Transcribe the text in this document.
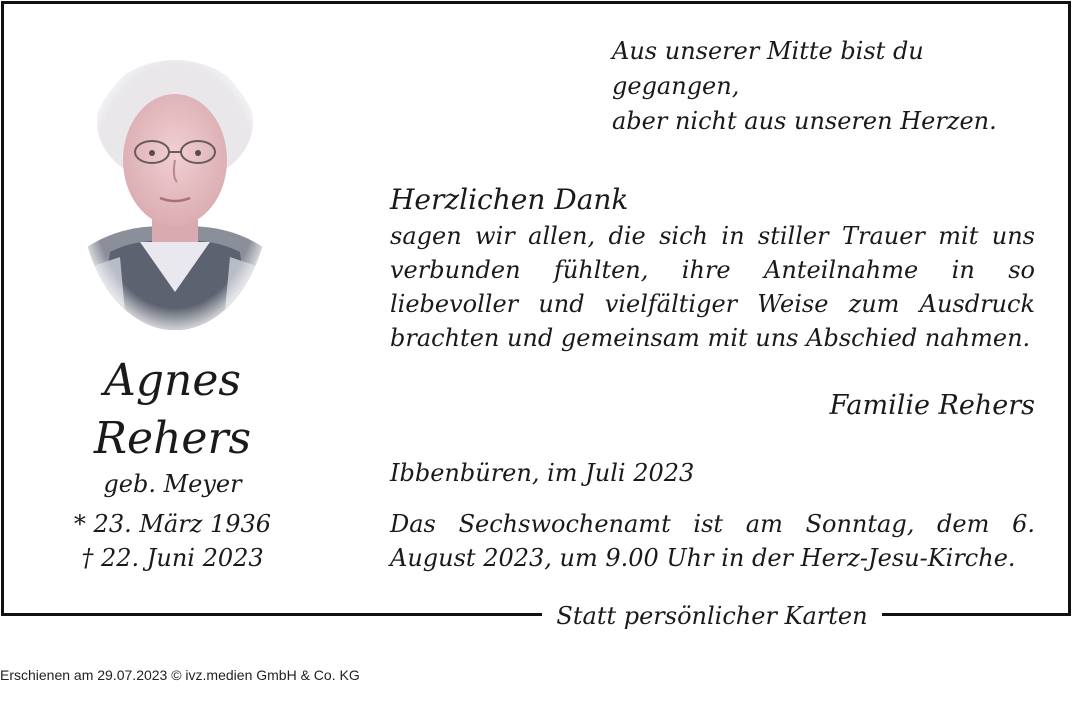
Statt persönlicher Karten
Agnes
Rehers
geb. Meyer
* 23. März 1936
† 22. Juni 2023
Aus unserer Mitte bist du gegangen,
aber nicht aus unseren Herzen.
Herzlichen Dank
sagen wir allen, die sich in stiller Trauer mit uns verbunden fühlten, ihre Anteilnahme in so liebevoller und vielfältiger Weise zum Ausdruck brachten und gemeinsam mit uns Abschied nahmen.
Familie Rehers
Ibbenbüren, im Juli 2023
Das Sechswochenamt ist am Sonntag, dem 6. August 2023, um 9.00 Uhr in der Herz-Jesu-Kirche.
Erschienen am 29.07.2023 © ivz.medien GmbH & Co. KG
